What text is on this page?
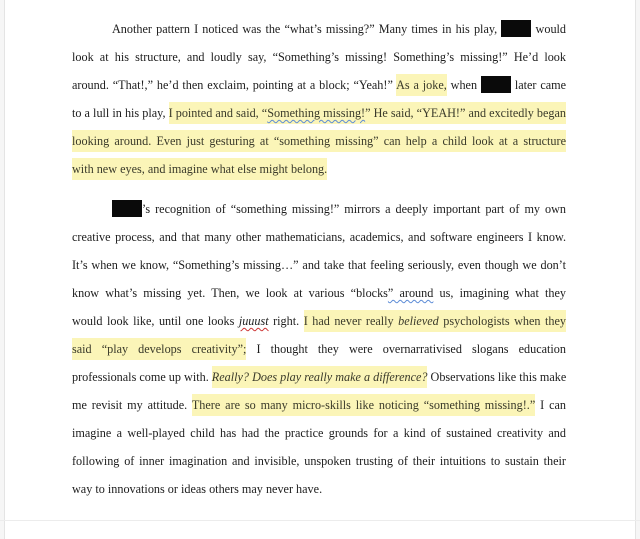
Another pattern I noticed was the “what’s missing?” Many times in his play,	would
look at his structure, and loudly say, “Something’s missing! Something’s missing!” He’d look
around. “That!,” he’d then exclaim, pointing at a block; “Yeah!” As a joke, when	later came
to a lull in his play, I pointed and said, “Something missing!” He said, “YEAH!” and excitedly began
looking around. Even just gesturing at “something missing” can help a child look at a structure
with new eyes, and imagine what else might belong.
’s recognition of “something missing!” mirrors a deeply important part of my own
creative process, and that many other mathematicians, academics, and software engineers I know.
It’s when we know, “Something’s missing…” and take that feeling seriously, even though we don’t
know what’s missing yet. Then, we look at various “blocks” around us, imagining what they
would look like, until one looks juuust right. I had never really believed psychologists when they
said “play develops creativity”; I thought they were overnarrativised slogans education
professionals come up with. Really? Does play really make a difference? Observations like this make
me revisit my attitude. There are so many micro-skills like noticing “something missing!.” I can
imagine a well-played child has had the practice grounds for a kind of sustained creativity and
following of inner imagination and invisible, unspoken trusting of their intuitions to sustain their
way to innovations or ideas others may never have.
